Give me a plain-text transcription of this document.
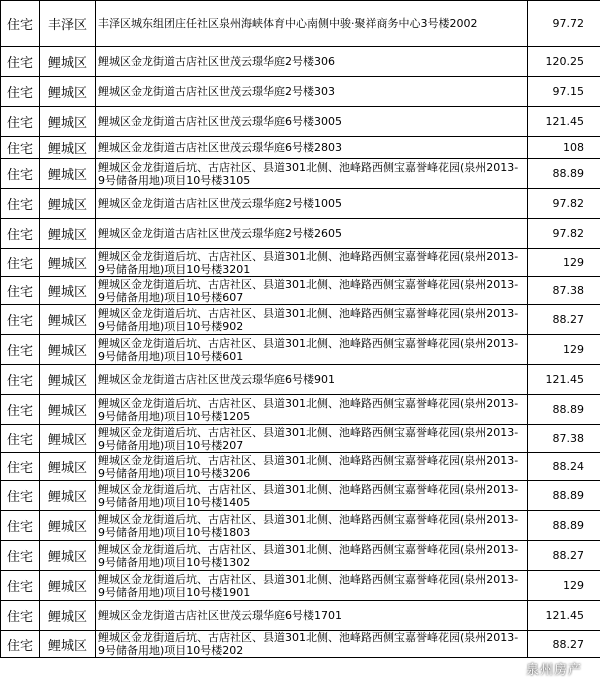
住宅	丰泽区	丰泽区城东组团庄任社区泉州海峡体育中心南侧中骏·聚祥商务中心3号楼2002	97.72
住宅	鲤城区	鲤城区金龙街道古店社区世茂云璟华庭2号楼306	120.25
住宅	鲤城区	鲤城区金龙街道古店社区世茂云璟华庭2号楼303	97.15
住宅	鲤城区	鲤城区金龙街道古店社区世茂云璟华庭6号楼3005	121.45
住宅	鲤城区	鲤城区金龙街道古店社区世茂云璟华庭6号楼2803	108
住宅	鲤城区	鲤城区金龙街道后坑、古店社区、县道301北侧、池峰路西侧宝嘉誉峰花园(泉州2013-9号储备用地)项目10号楼3105	88.89
住宅	鲤城区	鲤城区金龙街道古店社区世茂云璟华庭2号楼1005	97.82
住宅	鲤城区	鲤城区金龙街道古店社区世茂云璟华庭2号楼2605	97.82
住宅	鲤城区	鲤城区金龙街道后坑、古店社区、县道301北侧、池峰路西侧宝嘉誉峰花园(泉州2013-9号储备用地)项目10号楼3201	129
住宅	鲤城区	鲤城区金龙街道后坑、古店社区、县道301北侧、池峰路西侧宝嘉誉峰花园(泉州2013-9号储备用地)项目10号楼607	87.38
住宅	鲤城区	鲤城区金龙街道后坑、古店社区、县道301北侧、池峰路西侧宝嘉誉峰花园(泉州2013-9号储备用地)项目10号楼902	88.27
住宅	鲤城区	鲤城区金龙街道后坑、古店社区、县道301北侧、池峰路西侧宝嘉誉峰花园(泉州2013-9号储备用地)项目10号楼601	129
住宅	鲤城区	鲤城区金龙街道古店社区世茂云璟华庭6号楼901	121.45
住宅	鲤城区	鲤城区金龙街道后坑、古店社区、县道301北侧、池峰路西侧宝嘉誉峰花园(泉州2013-9号储备用地)项目10号楼1205	88.89
住宅	鲤城区	鲤城区金龙街道后坑、古店社区、县道301北侧、池峰路西侧宝嘉誉峰花园(泉州2013-9号储备用地)项目10号楼207	87.38
住宅	鲤城区	鲤城区金龙街道后坑、古店社区、县道301北侧、池峰路西侧宝嘉誉峰花园(泉州2013-9号储备用地)项目10号楼3206	88.24
住宅	鲤城区	鲤城区金龙街道后坑、古店社区、县道301北侧、池峰路西侧宝嘉誉峰花园(泉州2013-9号储备用地)项目10号楼1405	88.89
住宅	鲤城区	鲤城区金龙街道后坑、古店社区、县道301北侧、池峰路西侧宝嘉誉峰花园(泉州2013-9号储备用地)项目10号楼1803	88.89
住宅	鲤城区	鲤城区金龙街道后坑、古店社区、县道301北侧、池峰路西侧宝嘉誉峰花园(泉州2013-9号储备用地)项目10号楼1302	88.27
住宅	鲤城区	鲤城区金龙街道后坑、古店社区、县道301北侧、池峰路西侧宝嘉誉峰花园(泉州2013-9号储备用地)项目10号楼1901	129
住宅	鲤城区	鲤城区金龙街道古店社区世茂云璟华庭6号楼1701	121.45
住宅	鲤城区	鲤城区金龙街道后坑、古店社区、县道301北侧、池峰路西侧宝嘉誉峰花园(泉州2013-9号储备用地)项目10号楼202	88.27
泉州房产
